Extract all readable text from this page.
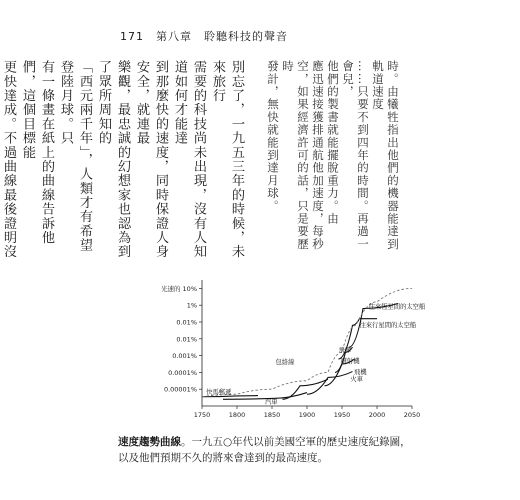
171 第八章 聆聽科技的聲音

時。由犧牲指出他們的機器能達到軌道速度

……只要不到四年的時間。再過一會兒，

他們的製書就能擺脫重力。由

應迅速接獲排通航他加速度，每秒

空，如果經濟許可的話，只是要歷時

發計，無快就能到達月球。

別忘了，一九五三年的時候，未來旅行

需要的科技尚未出現，沒有人知道如何才能達

到那麼快的速度，同時保證人身安全，就連最

樂觀，最忠誠的幻想家也認為到了眾所周知的

「西元兩千年」，人類才有希望登陸月球。只

有一條畫在紙上的曲線告訴他們，這個目標能

更快達成。不過曲線最後證明沒

光速的 10%
1%
0.01%
0.01%
0.001%
0.0001%
0.00001%
1750	1800	1850	1900	1950	2000	2050
快馬郵遞
汽車
火車
飛機
噴射機
飛彈
往來行星間的太空船
往來恆星間的太空船
包絡線
速度趨勢曲線。一九五○年代以前美國空軍的歷史速度紀錄圖，以及他們預期不久的將來會達到的最高速度。
